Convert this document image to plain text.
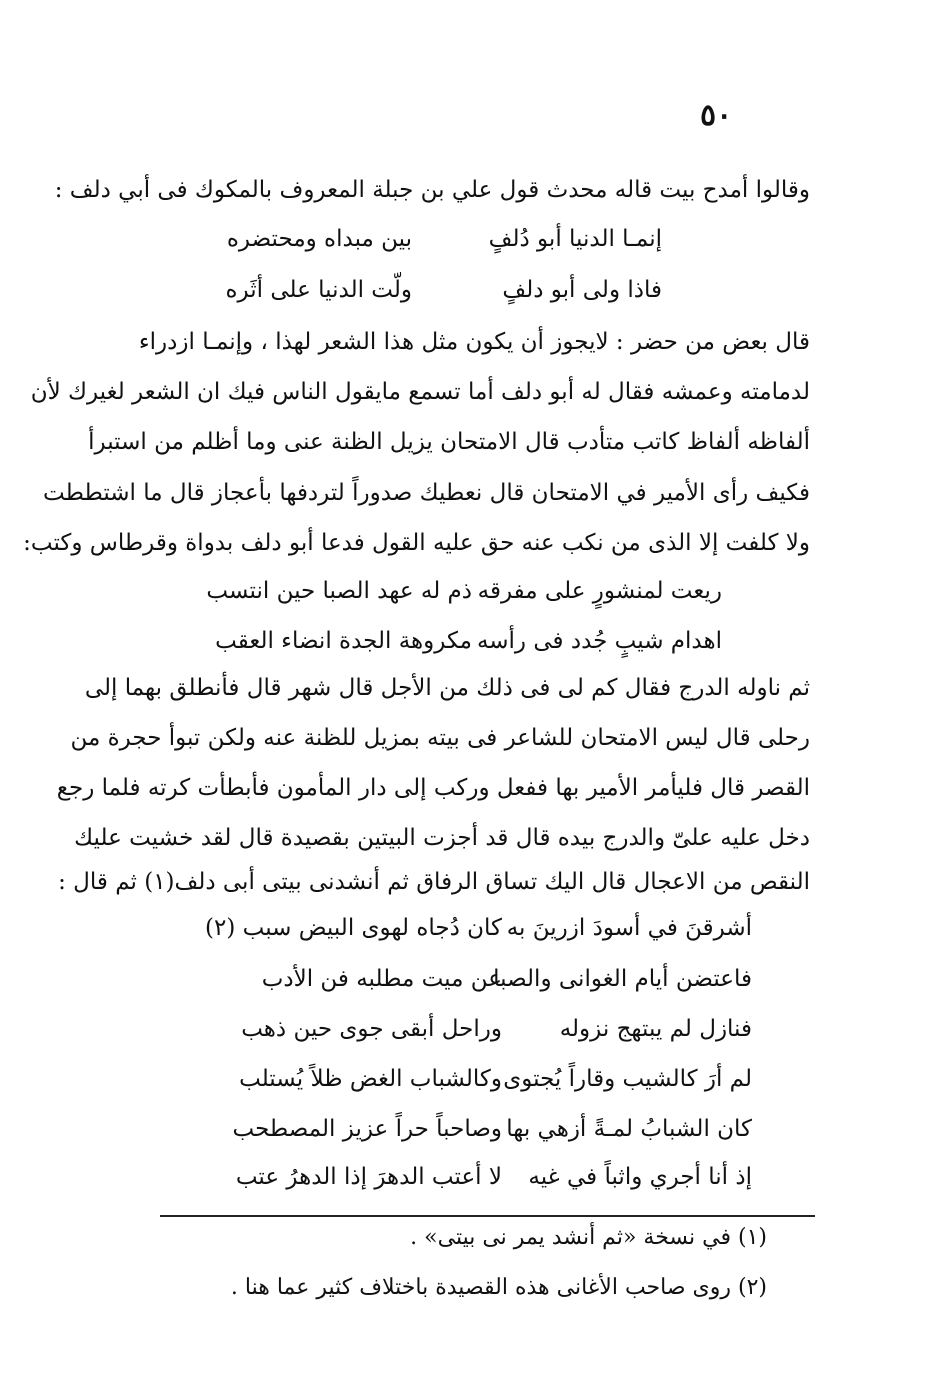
٥٠
وقالوا أمدح بيت قاله محدث قول علي بن جبلة المعروف بالمكوك فى أبي دلف :
إنمـا الدنيا أبو دُلفٍ
بين مبداه ومحتضره
فاذا ولى أبو دلفٍ
ولّت الدنيا على أثَره
قال بعض من حضر : لايجوز أن يكون مثل هذا الشعر لهذا ، وإنمـا ازدراء
لدمامته وعمشه فقال له أبو دلف أما تسمع مايقول الناس فيك ان الشعر لغيرك لأن
ألفاظه ألفاظ كاتب متأدب قال الامتحان يزيل الظنة عنى وما أظلم من استبرأ
فكيف رأى الأمير في الامتحان قال نعطيك صدوراً لتردفها بأعجاز قال ما اشتططت
ولا كلفت إلا الذى من نكب عنه حق عليه القول فدعا أبو دلف بدواة وقرطاس وكتب:
ريعت لمنشورٍ على مفرقه
ذم له عهد الصبا حين انتسب
اهدام شيبٍ جُدد فى رأسه
مكروهة الجدة انضاء العقب
ثم ناوله الدرج فقال كم لى فى ذلك من الأجل قال شهر قال فأنطلق بهما إلى
رحلى قال ليس الامتحان للشاعر فى بيته بمزيل للظنة عنه ولكن تبوأ حجرة من
القصر قال فليأمر الأمير بها ففعل وركب إلى دار المأمون فأبطأت كرته فلما رجع
دخل عليه علىّ والدرج بيده قال قد أجزت البيتين بقصيدة قال لقد خشيت عليك
النقص من الاعجال قال اليك تساق الرفاق ثم أنشدنى بيتى أبى دلف(١) ثم قال :
أشرقنَ في أسودَ ازرينَ به
كان دُجاه لهوى البيض سبب (٢)
فاعتضن أيام الغوانى والصبا
عن ميت مطلبه فن الأدب
فنازل لم يبتهج نزوله
وراحل أبقى جوى حين ذهب
لم أرَ كالشيب وقاراً يُجتوى
وكالشباب الغض ظلاً يُستلب
كان الشبابُ لمـةً أزهي بها
وصاحباً حراً عزيز المصطحب
إذ أنا أجري واثباً في غيه
لا أعتب الدهرَ إذا الدهرُ عتب
(١) في نسخة «ثم أنشد يمر نى بيتى» .
(٢) روى صاحب الأغانى هذه القصيدة باختلاف كثير عما هنا .
